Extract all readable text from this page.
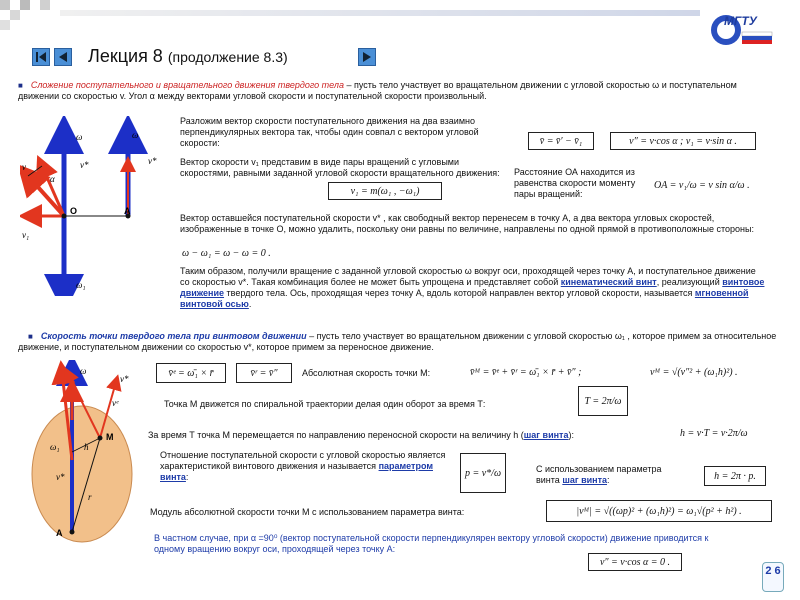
МГТУ
Лекция 8 (продолжение 8.3)
■ Сложение поступательного и вращательного движения твердого тела – пусть тело участвует во вращательном движении с угловой скоростью ω и поступательном движении со скоростью v. Угол α между векторами угловой скорости и поступательной скорости произвольный.
ω	ω
ω₁
v
v₁
v*	v*
α
O	A
Разложим вектор скорости поступательного движения на два взаимно перпендикулярных вектора так, чтобы один совпал с вектором угловой скорости:	v̄ = v̄′ − v̄₁	v″ = v·cos α ; v₁ = v·sin α .
Вектор скорости v₁ представим в виде пары вращений с угловыми скоростями, равными заданной угловой скорости вращательного движения:
v₁ = m(ω₁ , −ω₁)
Расстояние ОА находится из равенства скорости моменту пары вращений:
OA = v₁/ω = v sin α/ω .
Вектор оставшейся поступательной скорости v* , как свободный вектор перенесем в точку А, а два вектора угловых скоростей, изображенные в точке О, можно удалить, поскольку они равны по величине, направлены по одной прямой в противоположные стороны:
ω − ω₁ = ω − ω = 0 .
Таким образом, получили вращение с заданной угловой скоростью ω вокруг оси, проходящей через точку А, и поступательное движение со скоростью v*. Такая комбинация более не может быть упрощена и представляет собой кинематический винт, реализующий винтовое движение твердого тела. Ось, проходящая через точку А, вдоль которой направлен вектор угловой скорости, называется мгновенной винтовой осью.
■ Скорость точки твердого тела при винтовом движении – пусть тело участвует во вращательном движении с угловой скоростью ω₁ , которое примем за относительное движение, и поступательном движении со скоростью v*, которое примем за переносное движение.
ω
v*
v*
ω₁	h
M
A
r
vᵉ
v̄ᵉ = ω̄₁ × r̄	v̄ʳ = v̄″	Абсолютная скорость точки М:	v̄ᴹ = v̄ᵉ + v̄ʳ = ω̄₁ × r̄ + v̄″ ;	vᴹ = √(v″² + (ω₁h)²) .
Точка М движется по спиральной траектории делая один оборот за время Т:	T = 2π/ω
За время Т точка М перемещается по направлению переносной скорости на величину h (шаг винта):	h = v·T = v·2π/ω
Отношение поступательной скорости с угловой скоростью является характеристикой винтового движения и называется параметром винта:	p = v*/ω	С использованием параметра винта шаг винта:	h = 2π · p.
Модуль абсолютной скорости точки М с использованием параметра винта:	|vᴹ| = √((ωp)² + (ω₁h)²) = ω₁√(p² + h²) .
В частном случае, при α =90⁰ (вектор поступательной скорости перпендикулярен вектору угловой скорости) движение приводится к одному вращению вокруг оси, проходящей через точку А:
v″ = v·cos α = 0 .
2 6
